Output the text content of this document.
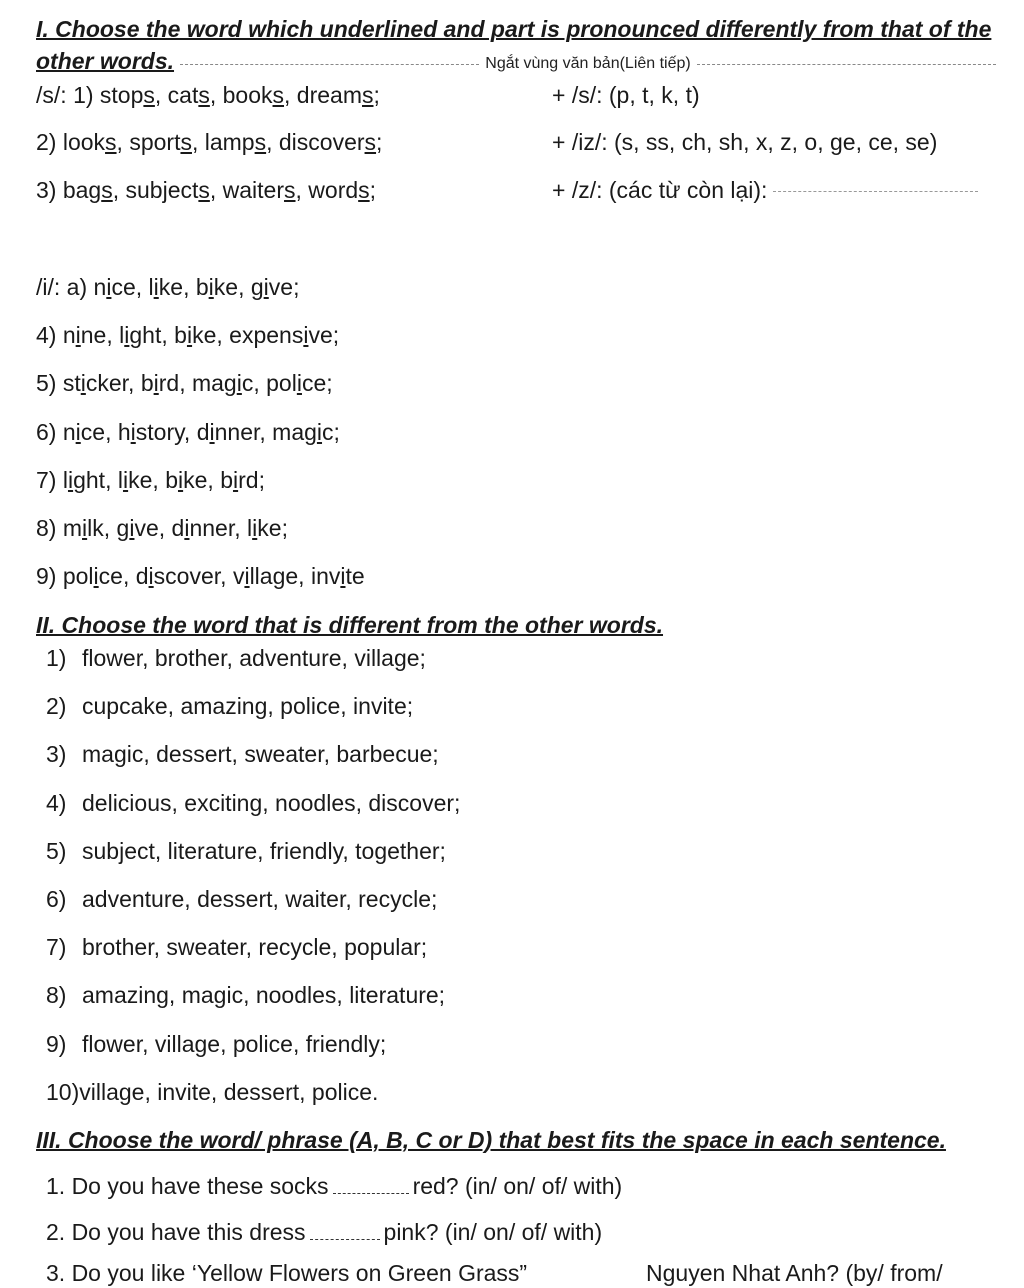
I. Choose the word which underlined and part is pronounced differently from that of the
other words.	Ngắt vùng văn bản(Liên tiếp)
/s/: 1) stops, cats, books, dreams;
2) looks, sports, lamps, discovers;
3) bags, subjects, waiters, words;
/i/: a) nice, like, bike, give;
4) nine, light, bike, expensive;
5) sticker, bird, magic, police;
6) nice, history, dinner, magic;
7) light, like, bike, bird;
8) milk, give, dinner, like;
9) police, discover, village, invite
+ /s/: (p, t, k, t)
+ /iz/: (s, ss, ch, sh, x, z, o, ge, ce, se)
+ /z/: (các từ còn lại):
II. Choose the word that is different from the other words.
1) flower, brother, adventure, village;
2) cupcake, amazing, police, invite;
3) magic, dessert, sweater, barbecue;
4) delicious, exciting, noodles, discover;
5) subject, literature, friendly, together;
6) adventure, dessert, waiter, recycle;
7) brother, sweater, recycle, popular;
8) amazing, magic, noodles, literature;
9) flower, village, police, friendly;
10)village, invite, dessert, police.
III. Choose the word/ phrase (A, B, C or D) that best fits the space in each sentence.
1. Do you have these socks	red? (in/ on/ of/ with)
2. Do you have this dress	pink? (in/ on/ of/ with)
3. Do you like ‘Yellow Flowers on Green Grass”	Nguyen Nhat Anh? (by/ from/
